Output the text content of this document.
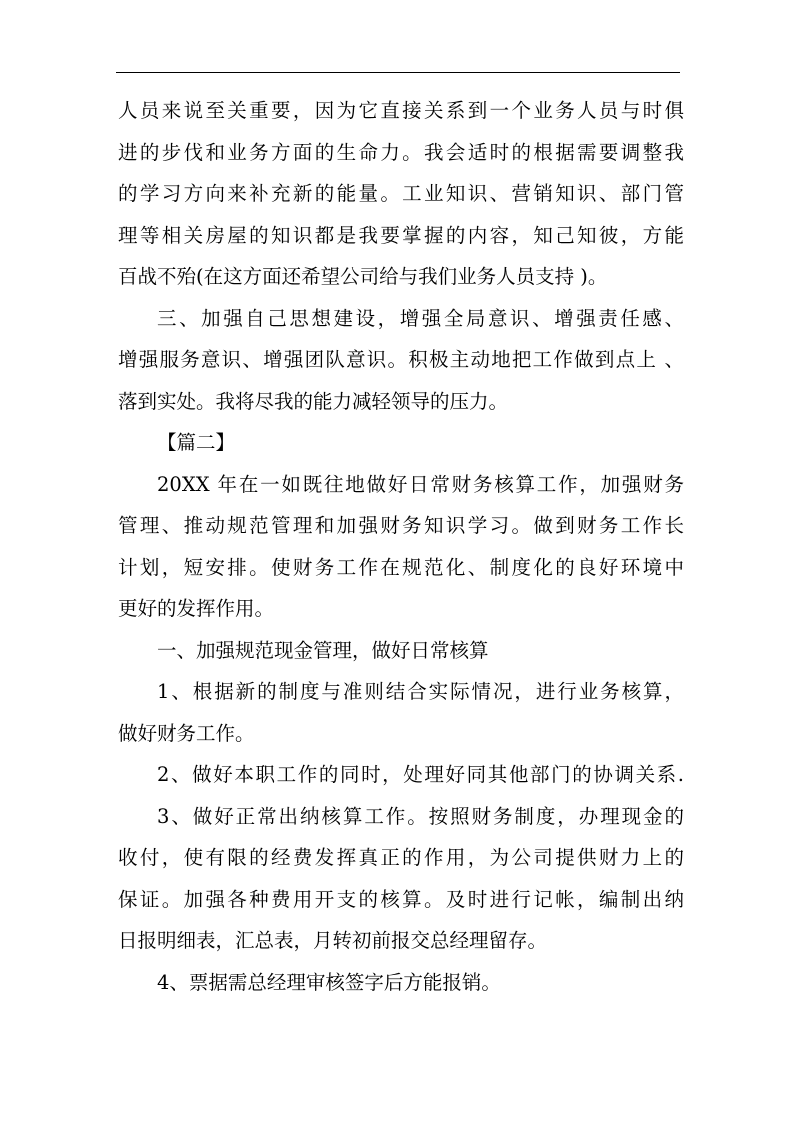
人员来说至关重要，因为它直接关系到一个业务人员与时俱
进的步伐和业务方面的生命力。我会适时的根据需要调整我
的学习方向来补充新的能量。工业知识、营销知识、部门管
理等相关房屋的知识都是我要掌握的内容，知己知彼，方能
百战不殆(在这方面还希望公司给与我们业务人员支持 )。
三、加强自己思想建设，增强全局意识、增强责任感、
增强服务意识、增强团队意识。积极主动地把工作做到点上 、
落到实处。我将尽我的能力减轻领导的压力。
【篇二】
20XX 年在一如既往地做好日常财务核算工作，加强财务
管理、推动规范管理和加强财务知识学习。做到财务工作长
计划，短安排。使财务工作在规范化、制度化的良好环境中
更好的发挥作用。
一、加强规范现金管理，做好日常核算
1、根据新的制度与准则结合实际情况，进行业务核算，
做好财务工作。
2、做好本职工作的同时，处理好同其他部门的协调关系.
3、做好正常出纳核算工作。按照财务制度，办理现金的
收付，使有限的经费发挥真正的作用，为公司提供财力上的
保证。加强各种费用开支的核算。及时进行记帐，编制出纳
日报明细表，汇总表，月转初前报交总经理留存。
4、票据需总经理审核签字后方能报销。
